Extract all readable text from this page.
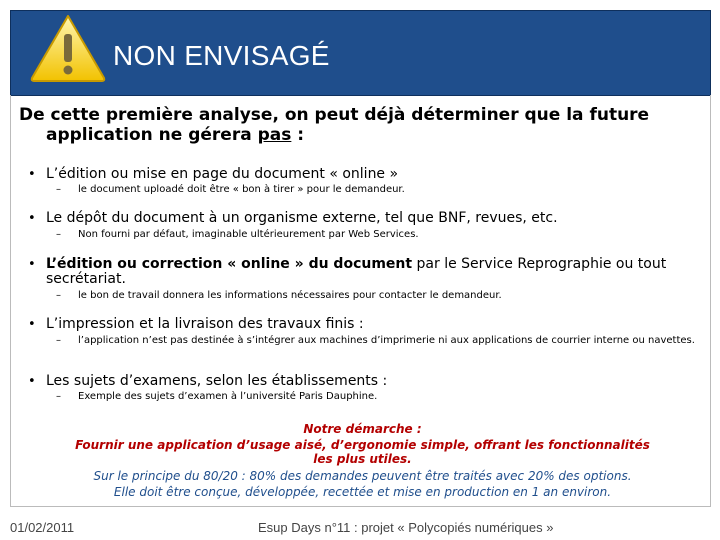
NON ENVISAGÉ
De cette première analyse, on peut déjà déterminer que la future
application ne gérera pas :
• L’édition ou mise en page du document « online »
– le document uploadé doit être « bon à tirer » pour le demandeur.
• Le dépôt du document à un organisme externe, tel que BNF, revues, etc.
– Non fourni par défaut, imaginable ultérieurement par Web Services.
• L’édition ou correction « online » du document par le Service Reprographie ou tout secrétariat.
– le bon de travail donnera les informations nécessaires pour contacter le demandeur.
• L’impression et la livraison des travaux finis :
– l’application n’est pas destinée à s’intégrer aux machines d’imprimerie ni aux applications de courrier interne ou navettes.
• Les sujets d’examens, selon les établissements :
– Exemple des sujets d’examen à l’université Paris Dauphine.
Notre démarche :
Fournir une application d’usage aisé, d’ergonomie simple, offrant les fonctionnalités
les plus utiles.
Sur le principe du 80/20 : 80% des demandes peuvent être traités avec 20% des options.
Elle doit être conçue, développée, recettée et mise en production en 1 an environ.
01/02/2011	Esup Days n°11 : projet « Polycopiés numériques »
